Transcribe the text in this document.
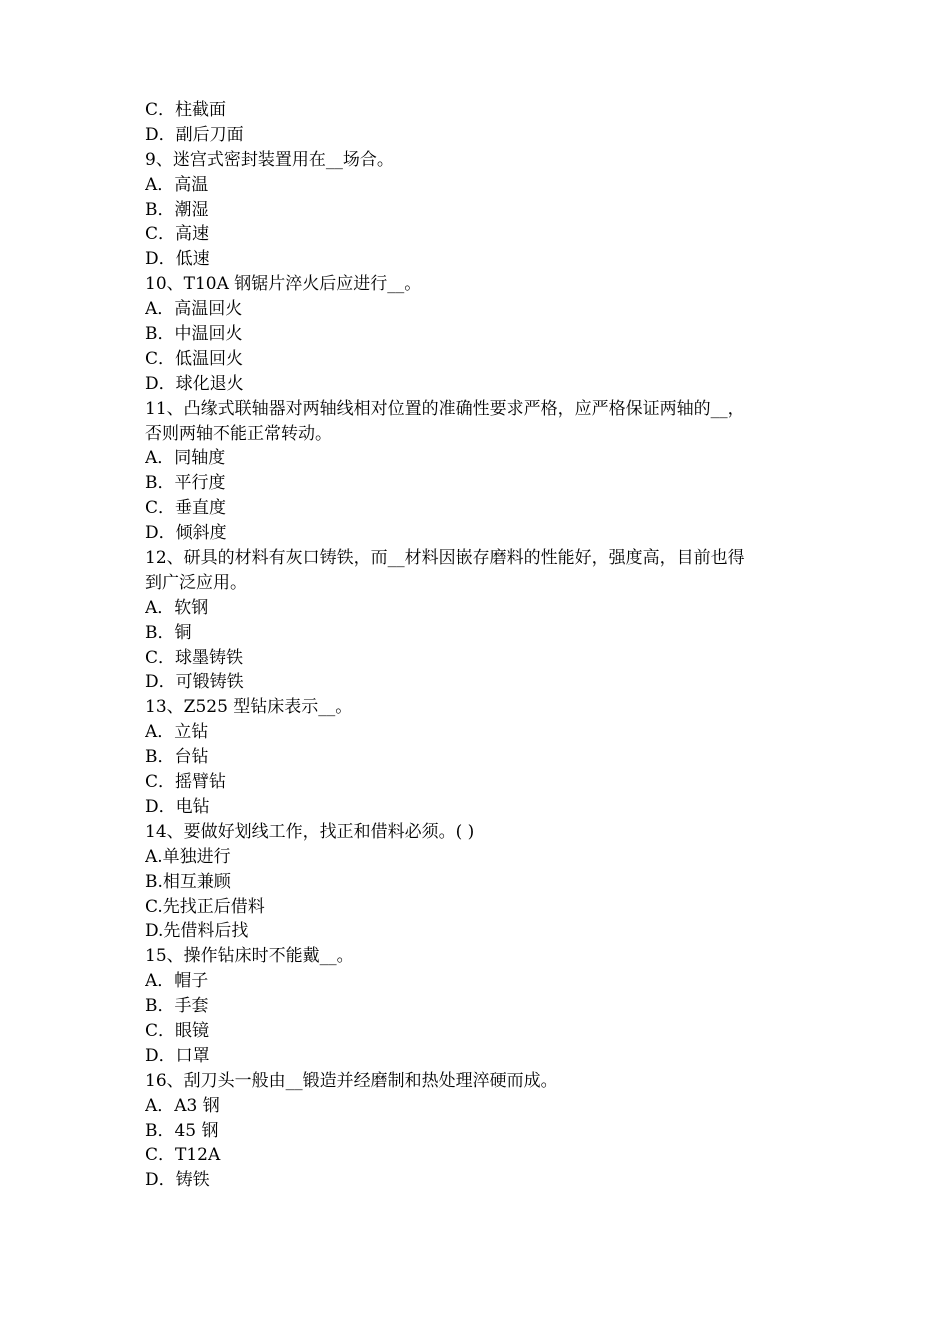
C．柱截面
D．副后刀面
9、迷宫式密封装置用在__场合。
A．高温
B．潮湿
C．高速
D．低速
10、T10A 钢锯片淬火后应进行__。
A．高温回火
B．中温回火
C．低温回火
D．球化退火
11、凸缘式联轴器对两轴线相对位置的准确性要求严格，应严格保证两轴的__，
否则两轴不能正常转动。
A．同轴度
B．平行度
C．垂直度
D．倾斜度
12、研具的材料有灰口铸铁，而__材料因嵌存磨料的性能好，强度高，目前也得
到广泛应用。
A．软钢
B．铜
C．球墨铸铁
D．可锻铸铁
13、Z525 型钻床表示__。
A．立钻
B．台钻
C．摇臂钻
D．电钻
14、要做好划线工作，找正和借料必须。( )
A.单独进行
B.相互兼顾
C.先找正后借料
D.先借料后找
15、操作钻床时不能戴__。
A．帽子
B．手套
C．眼镜
D．口罩
16、刮刀头一般由__锻造并经磨制和热处理淬硬而成。
A．A3 钢
B．45 钢
C．T12A
D．铸铁
